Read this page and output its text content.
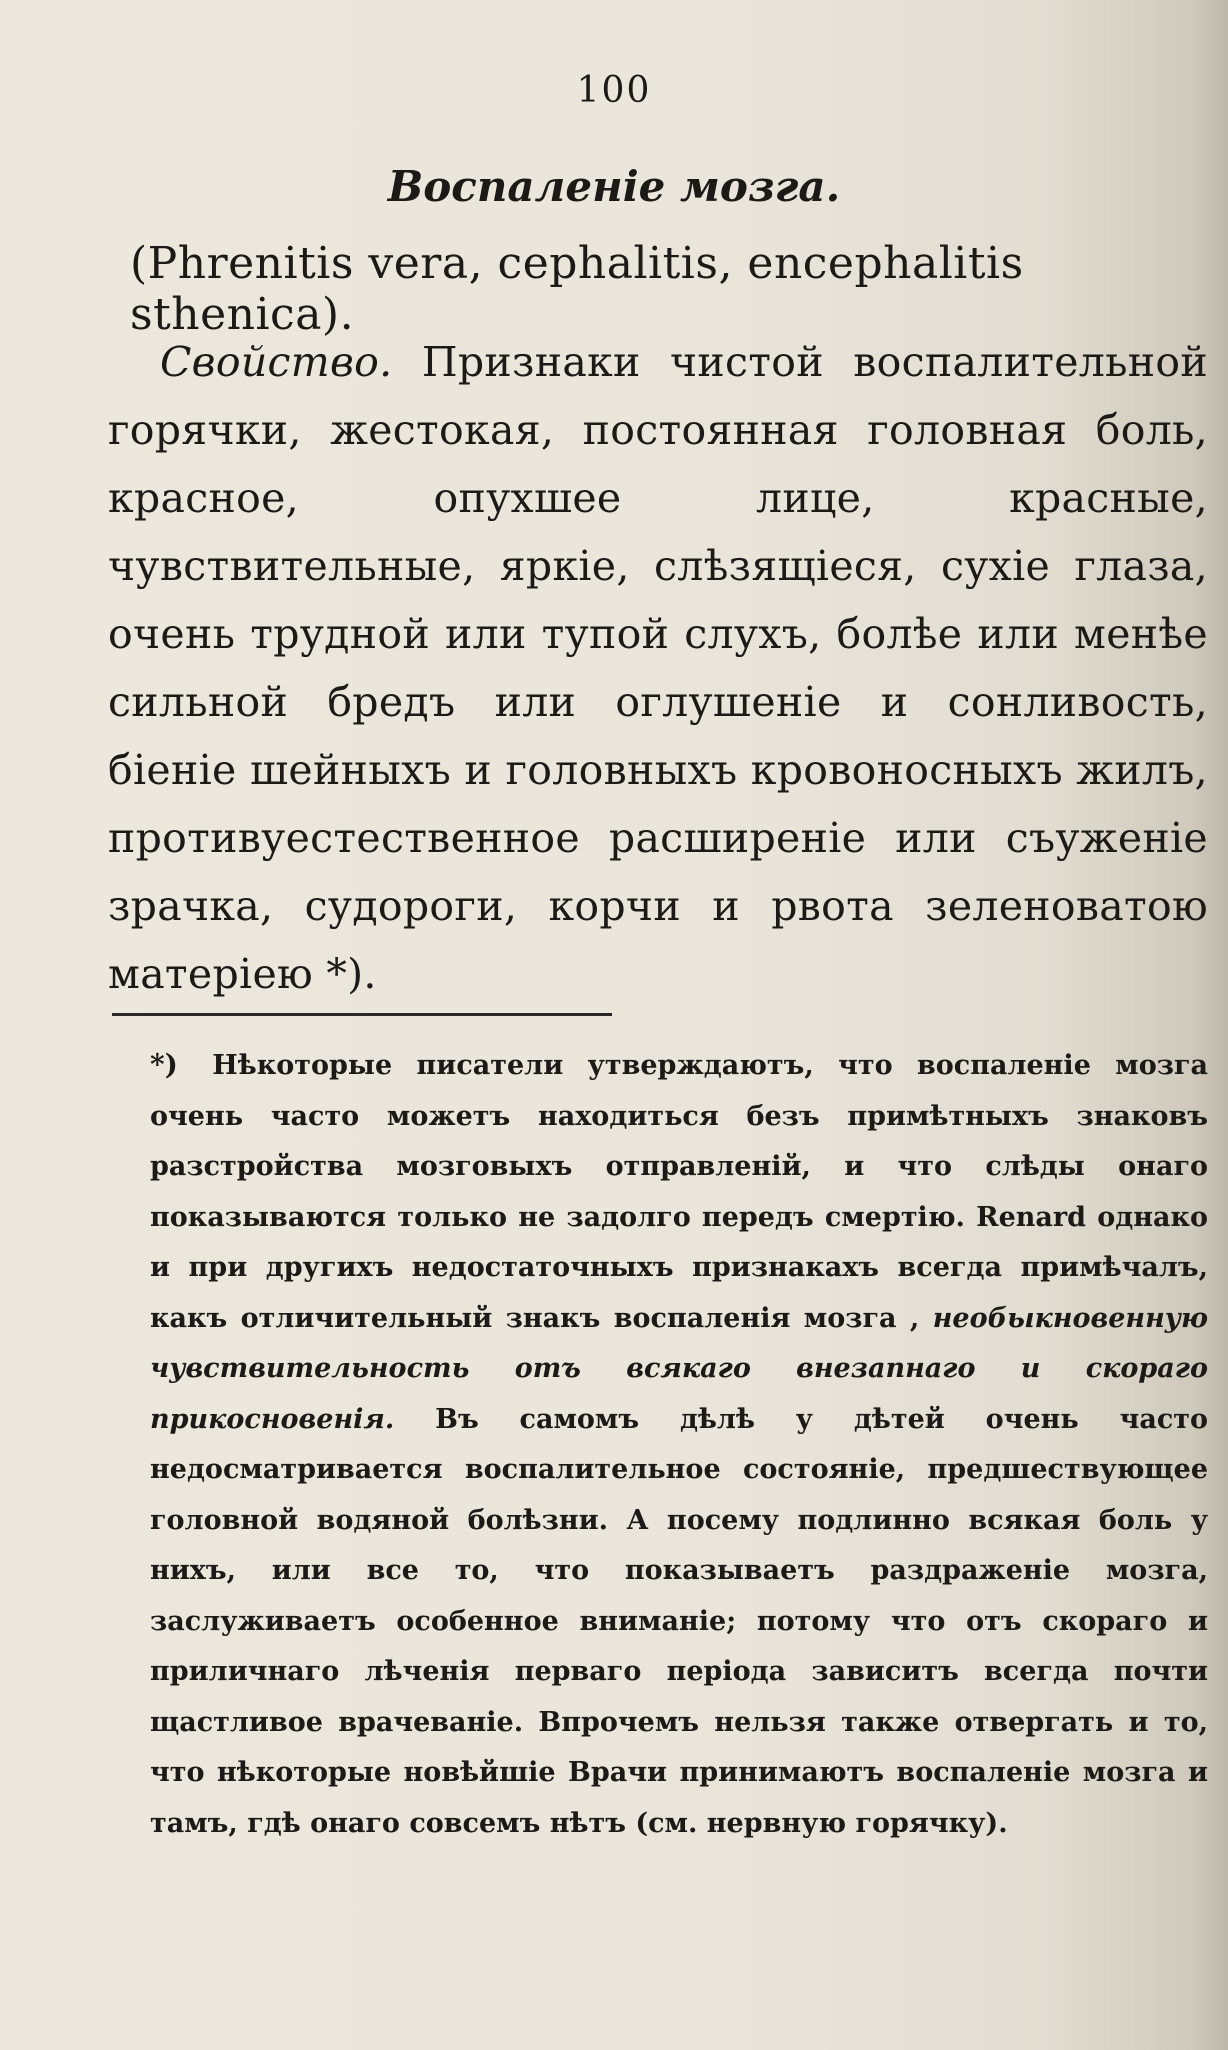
100
Воспаленіе мозга.
(Phrenitis vera, cephalitis, encephalitis sthenica).
Свойство. Признаки чистой воспалительной горячки, жестокая, постоянная головная боль, красное, опухшее лице, красные, чувствительные, яркіе, слѣзящіеся, сухіе глаза, очень трудной или тупой слухъ, болѣе или менѣе сильной бредъ или оглушеніе и сонливость, біеніе шейныхъ и головныхъ кровоносныхъ жилъ, противуестественное расширеніе или съуженіе зрачка, судороги, корчи и рвота зеленоватою матеріею *).
*) Нѣкоторые писатели утверждаютъ, что воспаленіе мозга очень часто можетъ находиться безъ примѣтныхъ знаковъ разстройства мозговыхъ отправленій, и что слѣды онаго показываются только не задолго передъ смертію. Renard однако и при другихъ недостаточныхъ признакахъ всегда примѣчалъ, какъ отличительный знакъ воспаленія мозга , необыкновенную чувствительность отъ всякаго внезапнаго и скораго прикосновенія. Въ самомъ дѣлѣ у дѣтей очень часто недосматривается воспалительное состояніе, предшествующее головной водяной болѣзни. А посему подлинно всякая боль у нихъ, или все то, что показываетъ раздраженіе мозга, заслуживаетъ особенное вниманіе; потому что отъ скораго и приличнаго лѣченія перваго періода зависитъ всегда почти щастливое врачеваніе. Впрочемъ нельзя также отвергать и то, что нѣкоторые новѣйшіе Врачи принимаютъ воспаленіе мозга и тамъ, гдѣ онаго совсемъ нѣтъ (см. нервную горячку).
